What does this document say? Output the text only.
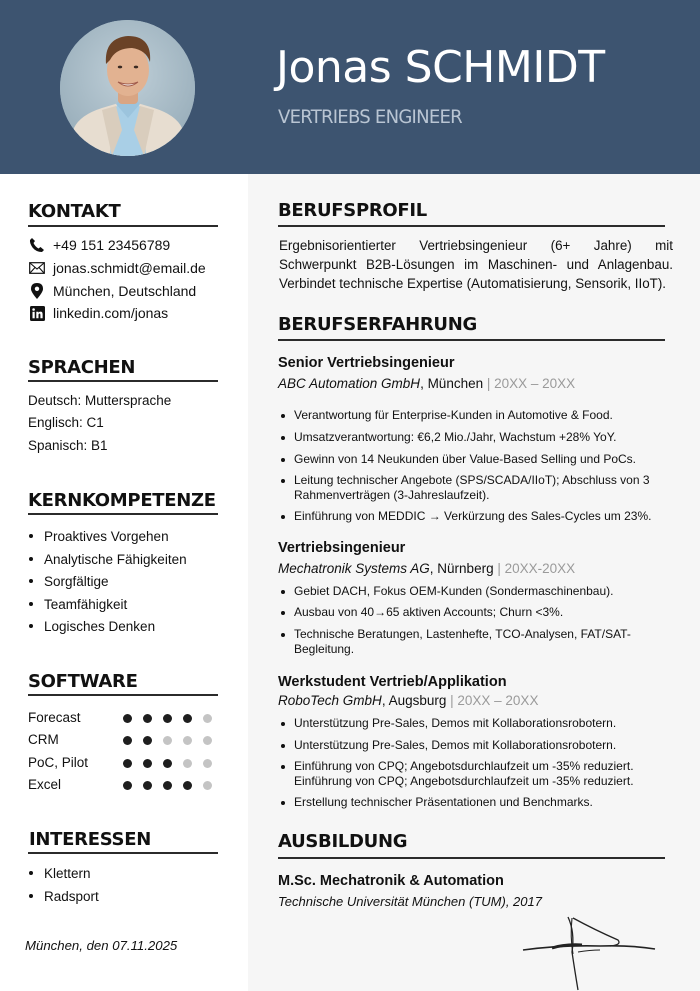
Jonas SCHMIDT
VERTRIEBS ENGINEER
KONTAKT
+49 151 23456789
jonas.schmidt@email.de
München, Deutschland
linkedin.com/jonas
SPRACHEN
Deutsch: Muttersprache
Englisch: C1
Spanisch: B1
KERNKOMPETENZE
Proaktives Vorgehen
Analytische Fähigkeiten
Sorgfältige
Teamfähigkeit
Logisches Denken
SOFTWARE
Forecast
CRM
PoC, Pilot
Excel
INTERESSEN
Klettern
Radsport
München, den 07.11.2025
BERUFSPROFIL
Ergebnisorientierter Vertriebsingenieur (6+ Jahre) mit Schwerpunkt B2B-Lösungen im Maschinen- und Anlagenbau. Verbindet technische Expertise (Automatisierung, Sensorik, IIoT).
BERUFSERFAHRUNG
Senior Vertriebsingenieur
ABC Automation GmbH, München | 20XX – 20XX
Verantwortung für Enterprise-Kunden in Automotive & Food.
Umsatzverantwortung: €6,2 Mio./Jahr, Wachstum +28% YoY.
Gewinn von 14 Neukunden über Value-Based Selling und PoCs.
Leitung technischer Angebote (SPS/SCADA/IIoT); Abschluss von 3 Rahmenverträgen (3-Jahreslaufzeit).
Einführung von MEDDIC → Verkürzung des Sales-Cycles um 23%.
Vertriebsingenieur
Mechatronik Systems AG, Nürnberg | 20XX-20XX
Gebiet DACH, Fokus OEM-Kunden (Sondermaschinenbau).
Ausbau von 40→65 aktiven Accounts; Churn <3%.
Technische Beratungen, Lastenhefte, TCO-Analysen, FAT/SAT-Begleitung.
Werkstudent Vertrieb/Applikation
RoboTech GmbH, Augsburg | 20XX – 20XX
Unterstützung Pre-Sales, Demos mit Kollaborationsrobotern.
Unterstützung Pre-Sales, Demos mit Kollaborationsrobotern.
Einführung von CPQ; Angebotsdurchlaufzeit um -35% reduziert. Einführung von CPQ; Angebotsdurchlaufzeit um -35% reduziert.
Erstellung technischer Präsentationen und Benchmarks.
AUSBILDUNG
M.Sc. Mechatronik & Automation
Technische Universität München (TUM), 2017
